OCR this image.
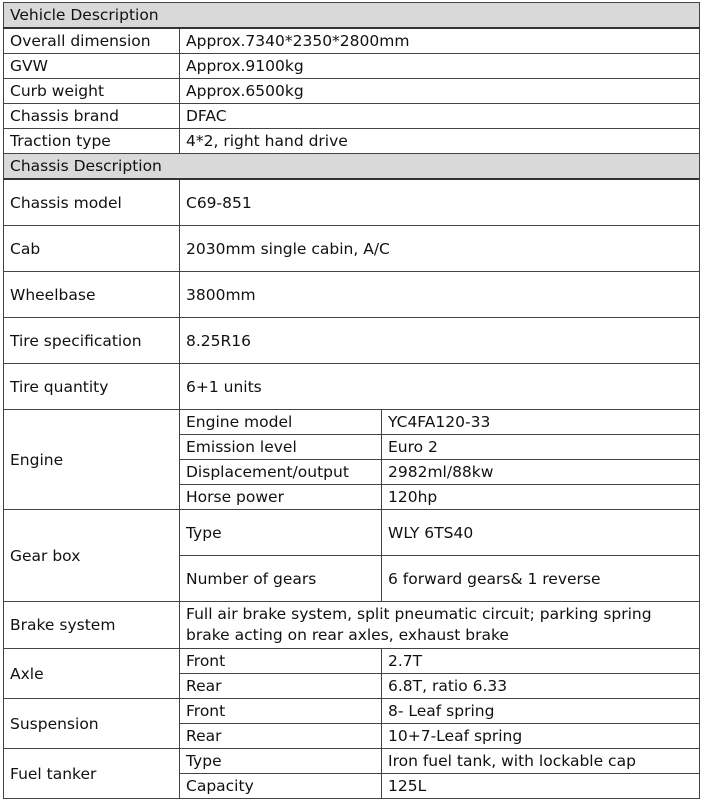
Vehicle Description		
Overall dimension	Approx.7340*2350*2800mm	
GVW	Approx.9100kg	
Curb weight	Approx.6500kg	
Chassis brand	DFAC	
Traction type	4*2, right hand drive	
Chassis Description		
Chassis model	C69-851	
Cab	2030mm single cabin, A/C	
Wheelbase	3800mm	
Tire specification	8.25R16	
Tire quantity	6+1 units	
Engine	Engine model	YC4FA120-33
	Emission level	Euro 2
	Displacement/output	2982ml/88kw
	Horse power	120hp
Gear box	Type	WLY 6TS40
	Number of gears	6 forward gears& 1 reverse
Brake system	Full air brake system, split pneumatic circuit; parking spring brake acting on rear axles, exhaust brake	
Axle	Front	2.7T
	Rear	6.8T, ratio 6.33
Suspension	Front	8- Leaf spring
	Rear	10+7-Leaf spring
Fuel tanker	Type	Iron fuel tank, with lockable cap
	Capacity	125L
